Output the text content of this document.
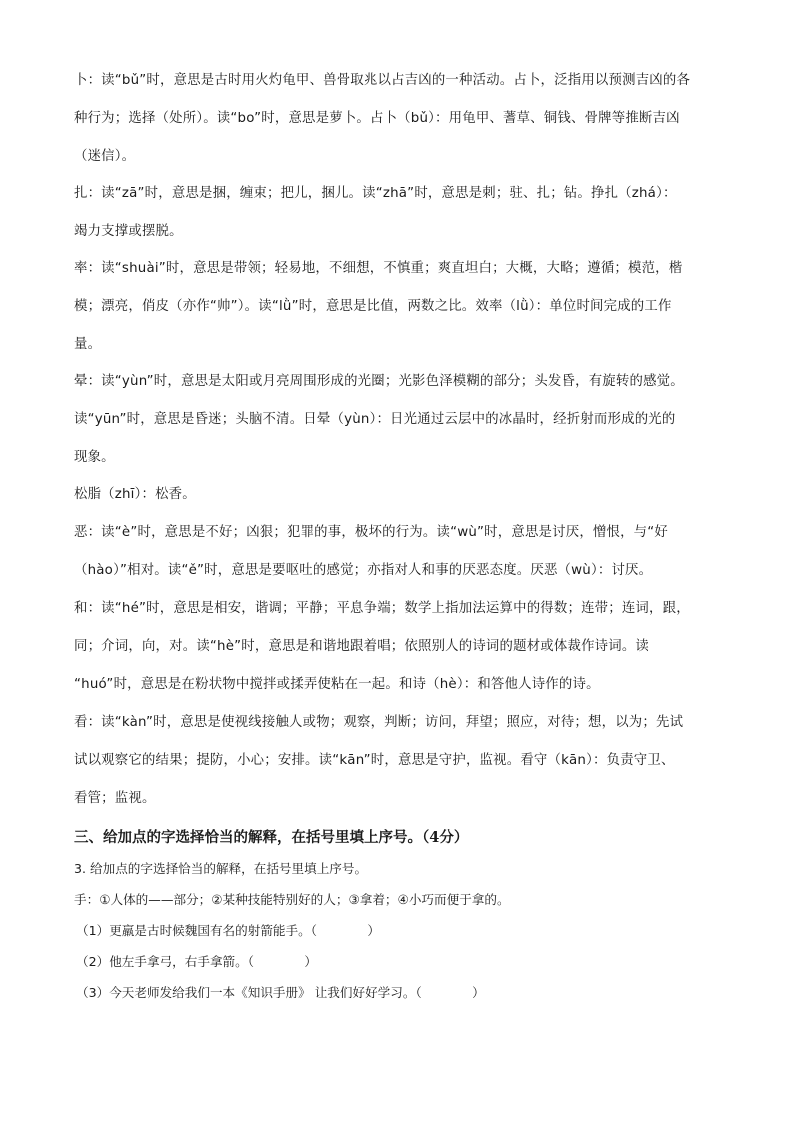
卜：读“bǔ”时，意思是古时用火灼龟甲、兽骨取兆以占吉凶的一种活动。占卜，泛指用以预测吉凶的各

种行为；选择（处所）。读“bo”时，意思是萝卜。占卜（bǔ）：用龟甲、蓍草、铜钱、骨牌等推断吉凶

（迷信）。

扎：读“zā”时，意思是捆，缠束；把儿，捆儿。读“zhā”时，意思是刺；驻、扎；钻。挣扎（zhá）：

竭力支撑或摆脱。

率：读“shuài”时，意思是带领；轻易地，不细想，不慎重；爽直坦白；大概，大略；遵循；模范，楷

模；漂亮，俏皮（亦作“帅”）。读“lǜ”时，意思是比值，两数之比。效率（lǜ）：单位时间完成的工作

量。

晕：读“yùn”时，意思是太阳或月亮周围形成的光圈；光影色泽模糊的部分；头发昏，有旋转的感觉。

读“yūn”时，意思是昏迷；头脑不清。日晕（yùn）：日光通过云层中的冰晶时，经折射而形成的光的

现象。

松脂（zhī）：松香。

恶：读“è”时，意思是不好；凶狠；犯罪的事，极坏的行为。读“wù”时，意思是讨厌，憎恨，与“好

（hào）”相对。读“ě”时，意思是要呕吐的感觉；亦指对人和事的厌恶态度。厌恶（wù）：讨厌。

和：读“hé”时，意思是相安，谐调；平静；平息争端；数学上指加法运算中的得数；连带；连词，跟，

同；介词，向，对。读“hè”时，意思是和谐地跟着唱；依照别人的诗词的题材或体裁作诗词。读

“huó”时，意思是在粉状物中搅拌或揉弄使粘在一起。和诗（hè）：和答他人诗作的诗。

看：读“kàn”时，意思是使视线接触人或物；观察，判断；访问，拜望；照应，对待；想，以为；先试

试以观察它的结果；提防，小心；安排。读“kān”时，意思是守护，监视。看守（kān）：负责守卫、

看管；监视。

三、给加点的字选择恰当的解释，在括号里填上序号。（4分）

3. 给加点的字选择恰当的解释，在括号里填上序号。

手：①人体的——部分；②某种技能特别好的人；③拿着；④小巧而便于拿的。

（1）更羸是古时候魏国有名的射箭能手。（　　　　）

（2）他左手拿弓，右手拿箭。（　　　　）

（3）今天老师发给我们一本《知识手册》 让我们好好学习。（　　　　）
